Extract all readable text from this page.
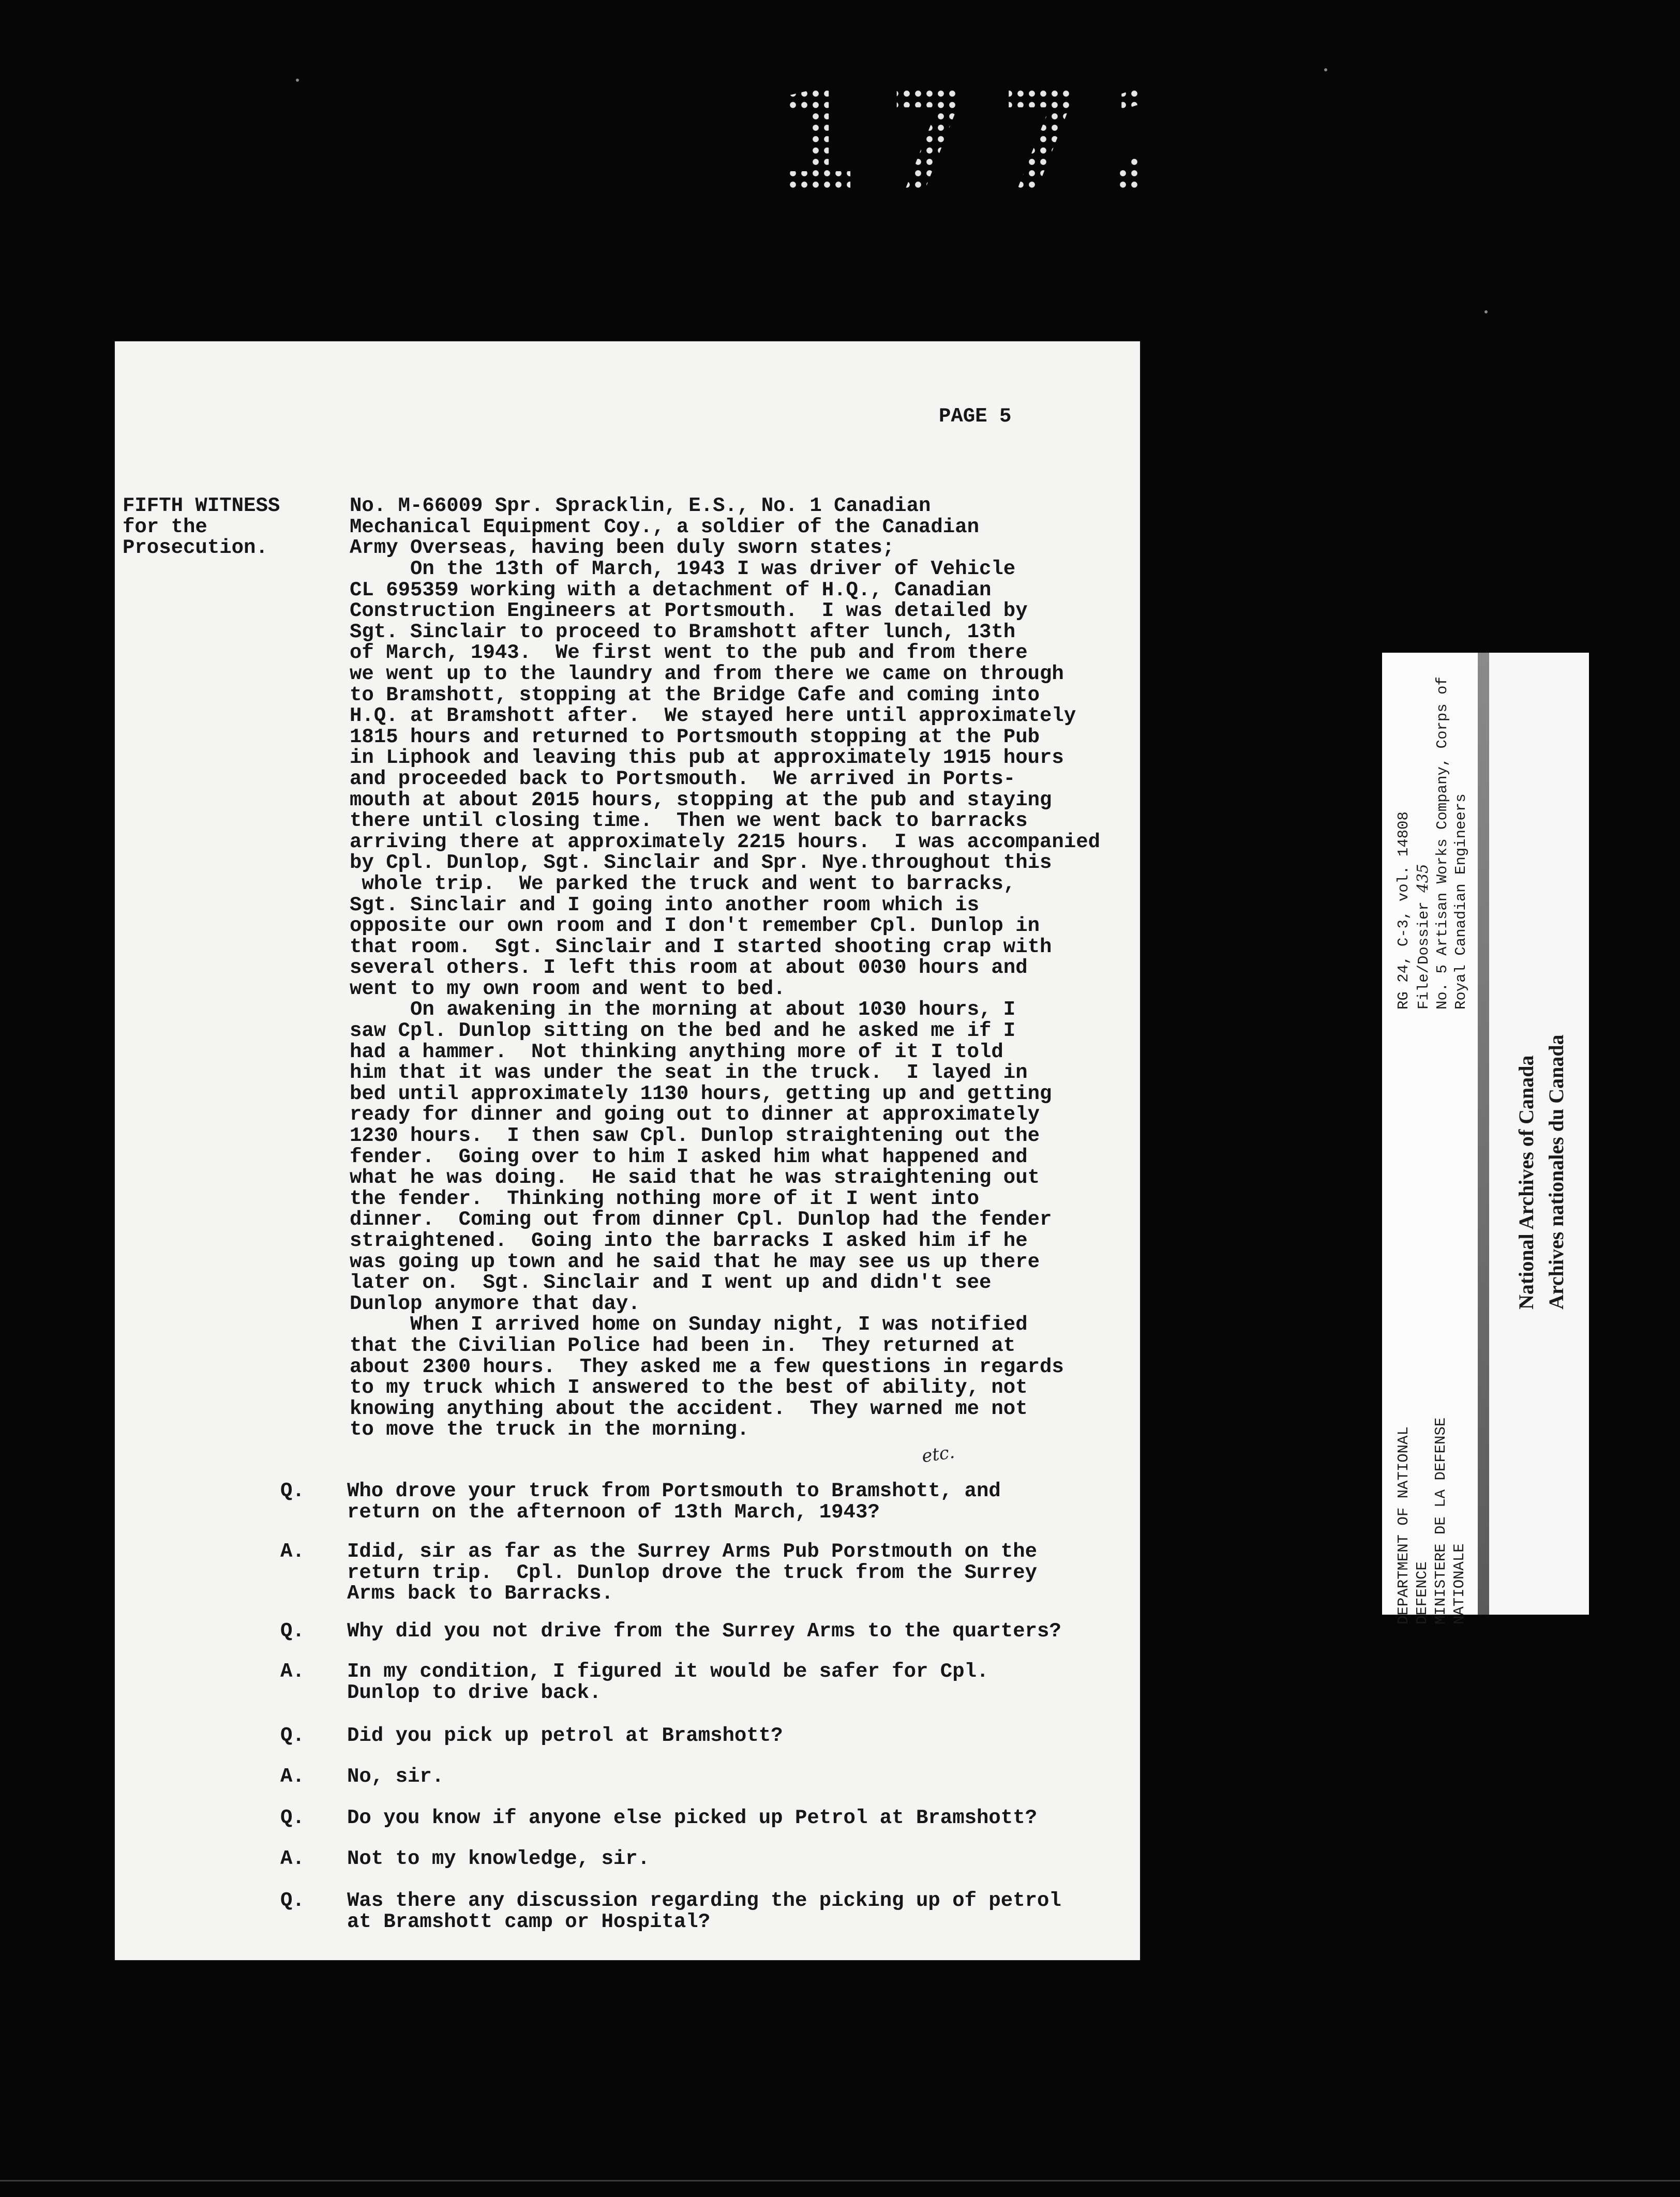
1772
PAGE 5
FIFTH WITNESS
for the
Prosecution.
No. M-66009 Spr. Spracklin, E.S., No. 1 Canadian
Mechanical Equipment Coy., a soldier of the Canadian
Army Overseas, having been duly sworn states;
On the 13th of March, 1943 I was driver of Vehicle
CL 695359 working with a detachment of H.Q., Canadian
Construction Engineers at Portsmouth.  I was detailed by
Sgt. Sinclair to proceed to Bramshott after lunch, 13th
of March, 1943.  We first went to the pub and from there
we went up to the laundry and from there we came on through
to Bramshott, stopping at the Bridge Cafe and coming into
H.Q. at Bramshott after.  We stayed here until approximately
1815 hours and returned to Portsmouth stopping at the Pub
in Liphook and leaving this pub at approximately 1915 hours
and proceeded back to Portsmouth.  We arrived in Ports-
mouth at about 2015 hours, stopping at the pub and staying
there until closing time.  Then we went back to barracks
arriving there at approximately 2215 hours.  I was accompanied
by Cpl. Dunlop, Sgt. Sinclair and Spr. Nye.throughout this
whole trip.  We parked the truck and went to barracks,
Sgt. Sinclair and I going into another room which is
opposite our own room and I don't remember Cpl. Dunlop in
that room.  Sgt. Sinclair and I started shooting crap with
several others. I left this room at about 0030 hours and
went to my own room and went to bed.
On awakening in the morning at about 1030 hours, I
saw Cpl. Dunlop sitting on the bed and he asked me if I
had a hammer.  Not thinking anything more of it I told
him that it was under the seat in the truck.  I layed in
bed until approximately 1130 hours, getting up and getting
ready for dinner and going out to dinner at approximately
1230 hours.  I then saw Cpl. Dunlop straightening out the
fender.  Going over to him I asked him what happened and
what he was doing.  He said that he was straightening out
the fender.  Thinking nothing more of it I went into
dinner.  Coming out from dinner Cpl. Dunlop had the fender
straightened.  Going into the barracks I asked him if he
was going up town and he said that he may see us up there
later on.  Sgt. Sinclair and I went up and didn't see
Dunlop anymore that day.
When I arrived home on Sunday night, I was notified
that the Civilian Police had been in.  They returned at
about 2300 hours.  They asked me a few questions in regards
to my truck which I answered to the best of ability, not
knowing anything about the accident.  They warned me not
to move the truck in the morning.
Q. Who drove your truck from Portsmouth to Bramshott, and
return on the afternoon of 13th March, 1943?
A. Idid, sir as far as the Surrey Arms Pub Porstmouth on the
return trip.  Cpl. Dunlop drove the truck from the Surrey
Arms back to Barracks.
Q. Why did you not drive from the Surrey Arms to the quarters?
A. In my condition, I figured it would be safer for Cpl.
Dunlop to drive back.
Q. Did you pick up petrol at Bramshott?
A. No, sir.
Q. Do you know if anyone else picked up Petrol at Bramshott?
A. Not to my knowledge, sir.
Q. Was there any discussion regarding the picking up of petrol
at Bramshott camp or Hospital?
etc.
DEPARTMENT OF NATIONAL
DEFENCE
MINISTERE DE LA DEFENSE
NATIONALE
RG 24, C-3, vol. 14808 File/Dossier 435 No. 5 Artisan Works Company, Corps of Royal Canadian Engineers
National Archives of Canada Archives nationales du Canada
